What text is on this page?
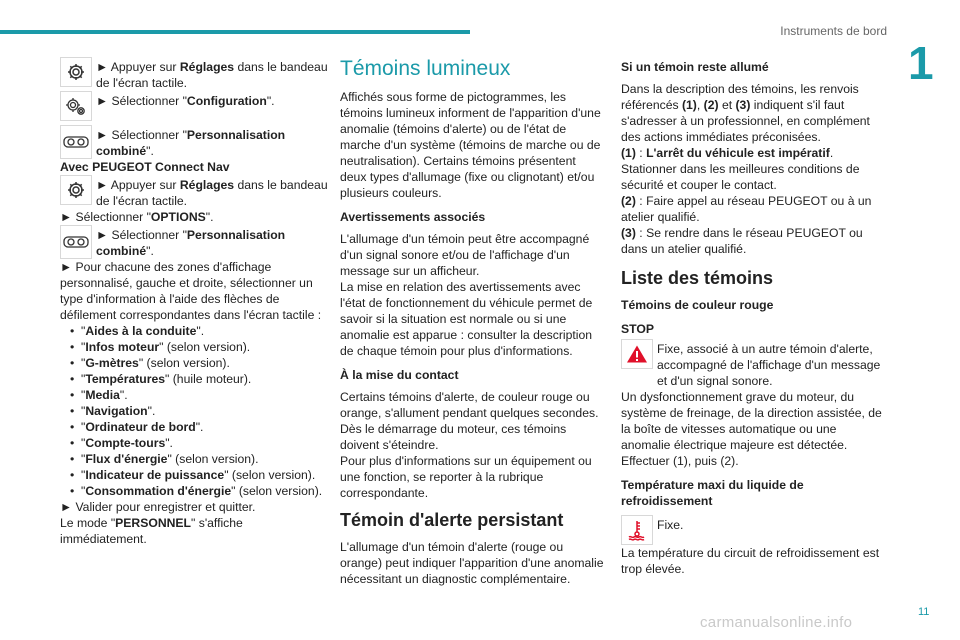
Instruments de bord
1

► Appuyer sur Réglages dans le bandeau de l'écran tactile.

► Sélectionner "Configuration".

► Sélectionner "Personnalisation combiné".

Avec PEUGEOT Connect Nav

► Appuyer sur Réglages dans le bandeau de l'écran tactile.

► Sélectionner "OPTIONS".

► Sélectionner "Personnalisation combiné".

► Pour chacune des zones d'affichage personnalisé, gauche et droite, sélectionner un type d'information à l'aide des flèches de défilement correspondantes dans l'écran tactile :

• "Aides à la conduite".
• "Infos moteur" (selon version).
• "G-mètres" (selon version).
• "Températures" (huile moteur).
• "Media".
• "Navigation".
• "Ordinateur de bord".
• "Compte-tours".
• "Flux d'énergie" (selon version).
• "Indicateur de puissance" (selon version).
• "Consommation d'énergie" (selon version).

► Valider pour enregistrer et quitter.

Le mode "PERSONNEL" s'affiche immédiatement.

Témoins lumineux

Affichés sous forme de pictogrammes, les témoins lumineux informent de l'apparition d'une anomalie (témoins d'alerte) ou de l'état de marche d'un système (témoins de marche ou de neutralisation). Certains témoins présentent deux types d'allumage (fixe ou clignotant) et/ou plusieurs couleurs.

Avertissements associés

L'allumage d'un témoin peut être accompagné d'un signal sonore et/ou de l'affichage d'un message sur un afficheur.

La mise en relation des avertissements avec l'état de fonctionnement du véhicule permet de savoir si la situation est normale ou si une anomalie est apparue : consulter la description de chaque témoin pour plus d'informations.

À la mise du contact

Certains témoins d'alerte, de couleur rouge ou orange, s'allument pendant quelques secondes. Dès le démarrage du moteur, ces témoins doivent s'éteindre.

Pour plus d'informations sur un équipement ou une fonction, se reporter à la rubrique correspondante.

Témoin d'alerte persistant

L'allumage d'un témoin d'alerte (rouge ou orange) peut indiquer l'apparition d'une anomalie nécessitant un diagnostic complémentaire.

Si un témoin reste allumé

Dans la description des témoins, les renvois référencés (1), (2) et (3) indiquent s'il faut s'adresser à un professionnel, en complément des actions immédiates préconisées.

(1) : L'arrêt du véhicule est impératif.

Stationner dans les meilleures conditions de sécurité et couper le contact.

(2) : Faire appel au réseau PEUGEOT ou à un atelier qualifié.

(3) : Se rendre dans le réseau PEUGEOT ou dans un atelier qualifié.

Liste des témoins
Témoins de couleur rouge
STOP

Fixe, associé à un autre témoin d'alerte, accompagné de l'affichage d'un message et d'un signal sonore.

Un dysfonctionnement grave du moteur, du système de freinage, de la direction assistée, de la boîte de vitesses automatique ou une anomalie électrique majeure est détectée.

Effectuer (1), puis (2).

Température maxi du liquide de refroidissement

Fixe.

La température du circuit de refroidissement est trop élevée.

11
carmanualsonline.info
